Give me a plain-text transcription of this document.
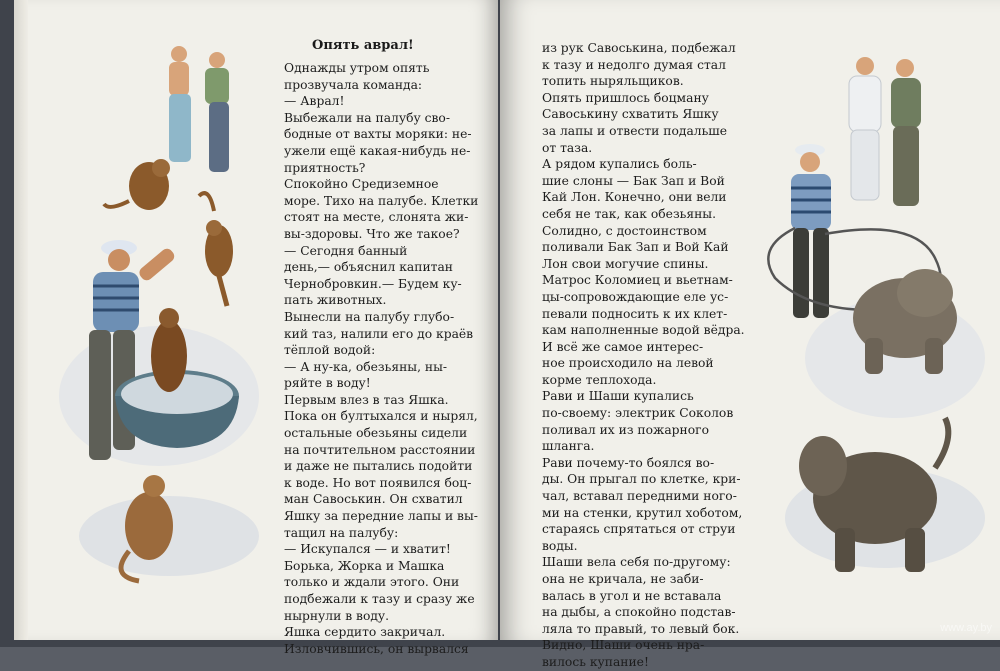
Опять аврал!
Однажды утром опять
прозвучала команда:
— Аврал!
Выбежали на палубу сво-
бодные от вахты моряки: не-
ужели ещё какая-нибудь не-
приятность?
Спокойно Средиземное
море. Тихо на палубе. Клетки
стоят на месте, слонята жи-
вы-здоровы. Что же такое?
— Сегодня банный
день,— объяснил капитан
Чернобровкин.— Будем ку-
пать животных.
Вынесли на палубу глубо-
кий таз, налили его до краёв
тёплой водой:
— А ну-ка, обезьяны, ны-
ряйте в воду!
Первым влез в таз Яшка.
Пока он бултыхался и нырял,
остальные обезьяны сидели
на почтительном расстоянии
и даже не пытались подойти
к воде. Но вот появился боц-
ман Савоськин. Он схватил
Яшку за передние лапы и вы-
тащил на палубу:
— Искупался — и хватит!
Борька, Жорка и Машка
только и ждали этого. Они
подбежали к тазу и сразу же
нырнули в воду.
Яшка сердито закричал.
Изловчившись, он вырвался
из рук Савоськина, подбежал
к тазу и недолго думая стал
топить ныряльщиков.
Опять пришлось боцману
Савоськину схватить Яшку
за лапы и отвести подальше
от таза.
А рядом купались боль-
шие слоны — Бак Зап и Вой
Кай Лон. Конечно, они вели
себя не так, как обезьяны.
Солидно, с достоинством
поливали Бак Зап и Вой Кай
Лон свои могучие спины.
Матрос Коломиец и вьетнам-
цы-сопровождающие еле ус-
певали подносить к их клет-
кам наполненные водой вёдра.
И всё же самое интерес-
ное происходило на левой
корме теплохода.
Рави и Шаши купались
по-своему: электрик Соколов
поливал их из пожарного
шланга.
Рави почему-то боялся во-
ды. Он прыгал по клетке, кри-
чал, вставал передними ного-
ми на стенки, крутил хоботом,
стараясь спрятаться от струи
воды.
Шаши вела себя по-другому:
она не кричала, не заби-
валась в угол и не вставала
на дыбы, а спокойно подстав-
ляла то правый, то левый бок.
Видно, Шаши очень нра-
вилось купание!
www.ay.by
